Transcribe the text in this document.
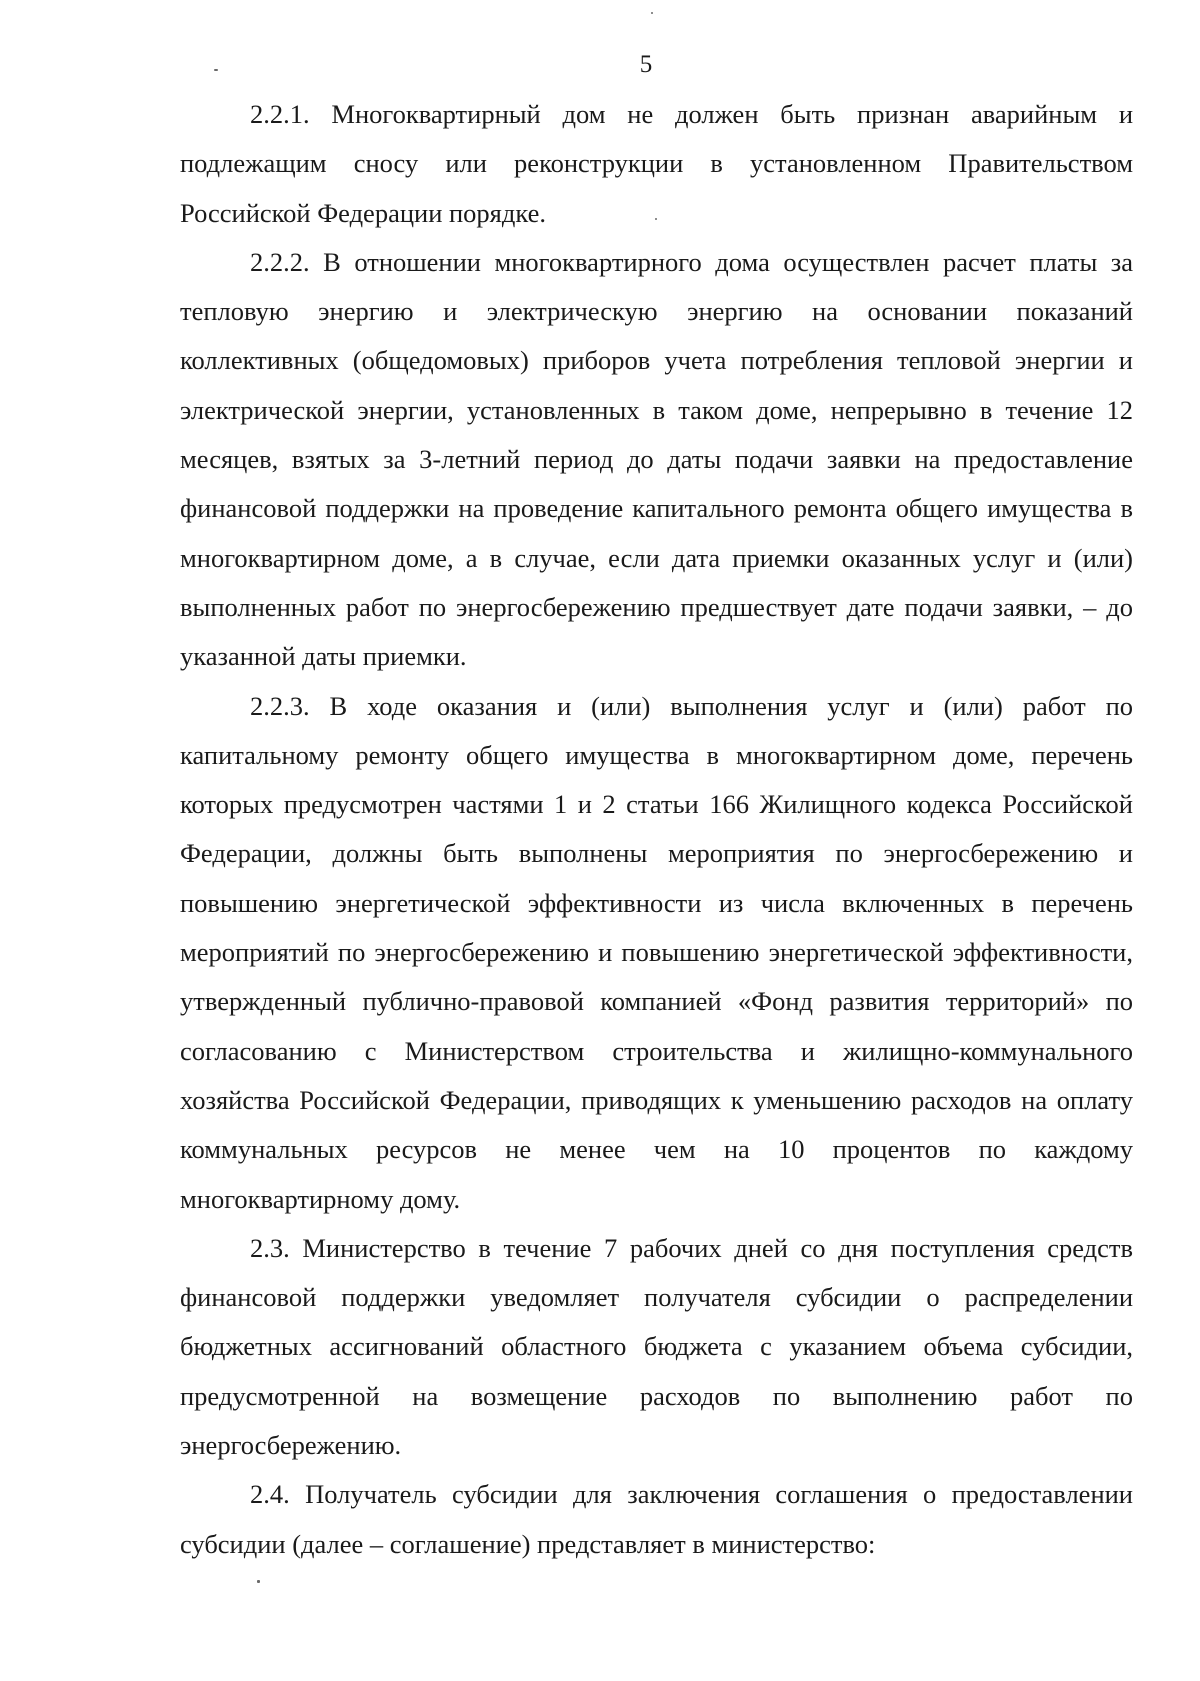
5

2.2.1. Многоквартирный дом не должен быть признан аварийным и подлежащим сносу или реконструкции в установленном Правительством Российской Федерации порядке.

2.2.2. В отношении многоквартирного дома осуществлен расчет платы за тепловую энергию и электрическую энергию на основании показаний коллективных (общедомовых) приборов учета потребления тепловой энергии и электрической энергии, установленных в таком доме, непрерывно в течение 12 месяцев, взятых за 3-летний период до даты подачи заявки на предоставление финансовой поддержки на проведение капитального ремонта общего имущества в многоквартирном доме, а в случае, если дата приемки оказанных услуг и (или) выполненных работ по энергосбережению предшествует дате подачи заявки, – до указанной даты приемки.

2.2.3. В ходе оказания и (или) выполнения услуг и (или) работ по капитальному ремонту общего имущества в многоквартирном доме, перечень которых предусмотрен частями 1 и 2 статьи 166 Жилищного кодекса Российской Федерации, должны быть выполнены мероприятия по энергосбережению и повышению энергетической эффективности из числа включенных в перечень мероприятий по энергосбережению и повышению энергетической эффективности, утвержденный публично-правовой компанией «Фонд развития территорий» по согласованию с Министерством строительства и жилищно-коммунального хозяйства Российской Федерации, приводящих к уменьшению расходов на оплату коммунальных ресурсов не менее чем на 10 процентов по каждому многоквартирному дому.

2.3. Министерство в течение 7 рабочих дней со дня поступления средств финансовой поддержки уведомляет получателя субсидии о распределении бюджетных ассигнований областного бюджета с указанием объема субсидии, предусмотренной на возмещение расходов по выполнению работ по энергосбережению.

2.4. Получатель субсидии для заключения соглашения о предоставлении субсидии (далее – соглашение) представляет в министерство:
